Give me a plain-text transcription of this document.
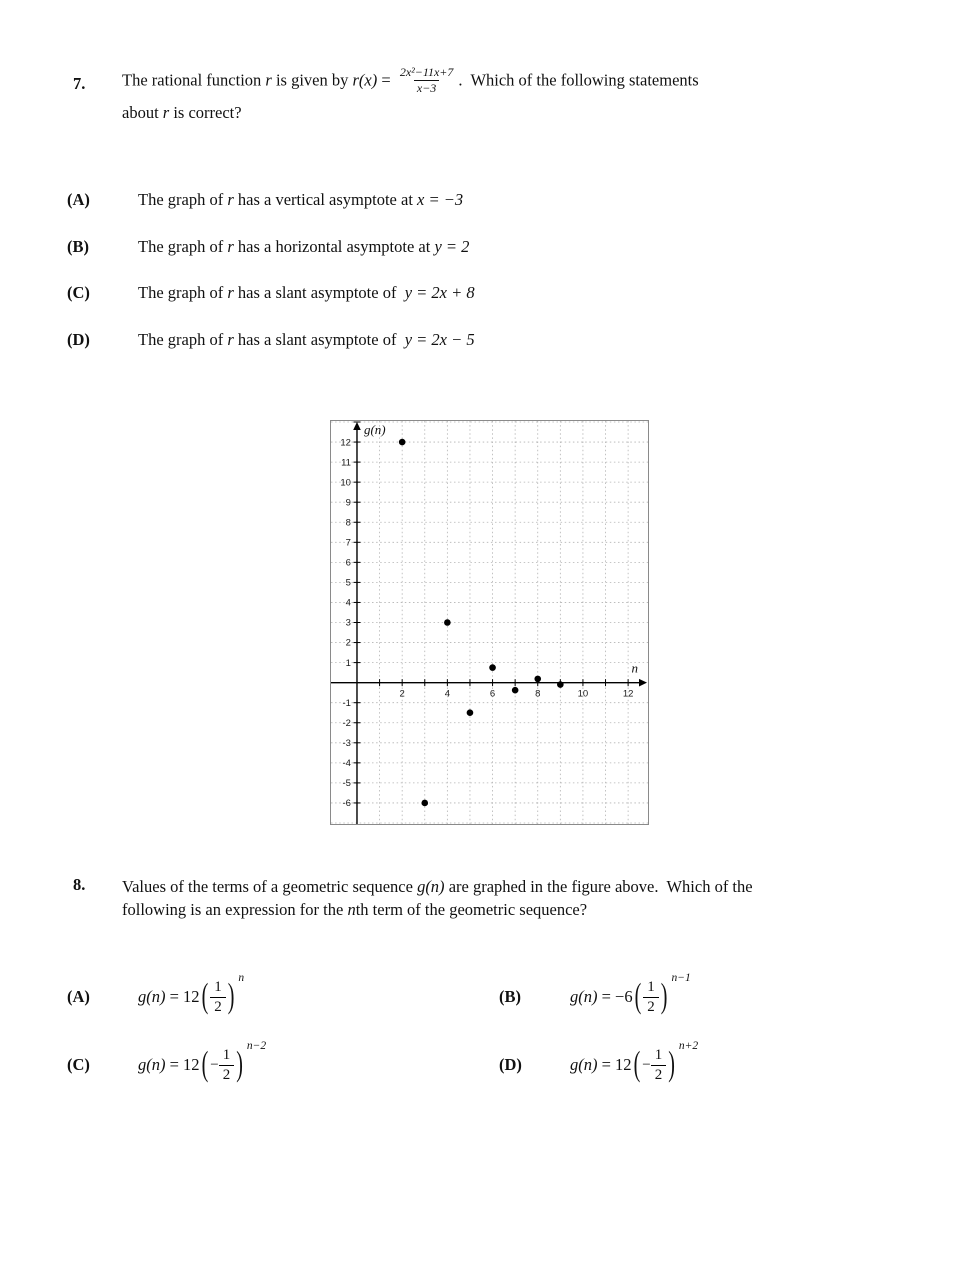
7. The rational function r is given by $r(x) = \frac{\text{2x²−11x+7}}{x-3}$ .  Which of the following statements
about r is correct?
(A)	The graph of r has a vertical asymptote at x = −3
(B)	The graph of r has a horizontal asymptote at y = 2
(C)	The graph of r has a slant asymptote of  y = 2x + 8
(D)	The graph of r has a slant asymptote of  y = 2x − 5
2	4	6	8	10	12
12
11
10
9
8
7
6
5
4
3
2
1
-1
-2
-3
-4
-5
-6
g(n)
n
8. Values of the terms of a geometric sequence g(n) are graphed in the figure above.  Which of the
following is an expression for the nth term of the geometric sequence?
(A)	g(n) = 12 ( $\frac{1}{2}$ ) n
(B)	g(n) = −6 ( $\frac{1}{2}$ ) n−1
(C)	g(n) = 12 ( − $\frac{1}{2}$ ) n−2
(D)	g(n) = 12 ( − $\frac{1}{2}$ ) n+2
